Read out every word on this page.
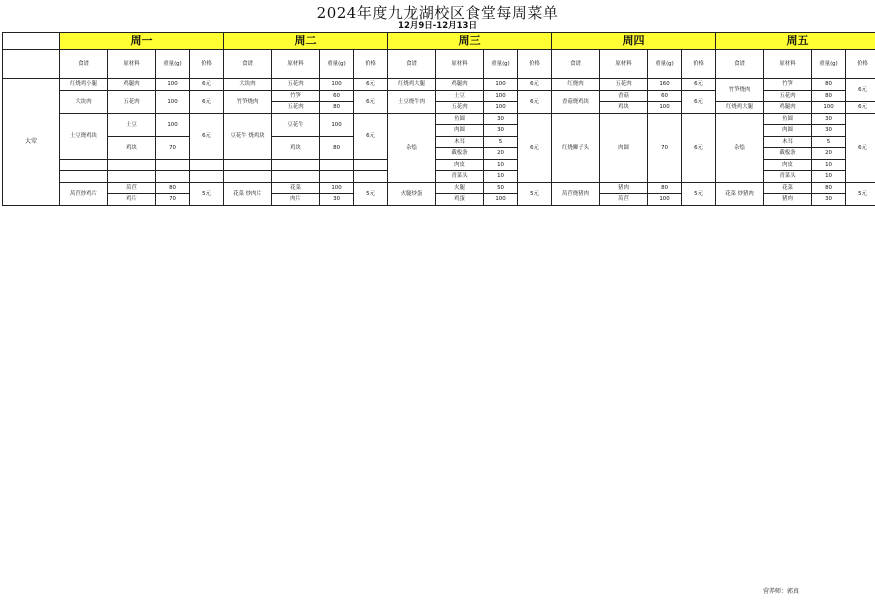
2024年度九龙湖校区食堂每周菜单
12月9日-12月13日
	周一				周二				周三				周四				周五			
	食谱	原材料	重量(g)	价格	食谱	原材料	重量(g)	价格	食谱	原材料	重量(g)	价格	食谱	原材料	重量(g)	价格	食谱	原材料	重量(g)	价格
大荤	红烧鸡小腿	鸡腿肉	100	6元	大块肉	五花肉	100	6元	红烧鸡大腿	鸡腿肉	100	6元	红烧肉	五花肉	160	6元	竹笋烧肉	竹笋	80	6元
	大块肉	五花肉	100	6元	竹笋烧肉	竹笋	60	6元	土豆烧牛肉	土豆	100	6元	香菇烧鸡块	香菇	60	6元		五花肉	80	
						五花肉	80			五花肉	100			鸡块	100		红烧鸡大腿	鸡腿肉	100	6元
	土豆烧鸡块	土豆	100	6元	豆花牛 烧鸡块	豆花牛	100	6元	杂烩	鱼圆	30	6元	红烧狮子头	肉圆	70	6元	杂烩	鱼圆	30	6元
										肉圆	30							肉圆	30	
		鸡块	70			鸡块	80			木耳	5							木耳	5	
										截板条	20							截板条	20	
										肉皮	10							肉皮	10	
										青菜头	10							青菜头	10	
	莴苣炒鸡片	莴苣	80	5元	花菜 炒肉片	花菜	100	5元	火腿炒蛋	火腿	50	5元	莴苣烧猪肉	猪肉	80	5元	花菜 炒猪肉	花菜	80	5元
		鸡片	70			肉片	30			鸡蛋	100			莴苣	100			猪肉	30	
营养师：郭真
